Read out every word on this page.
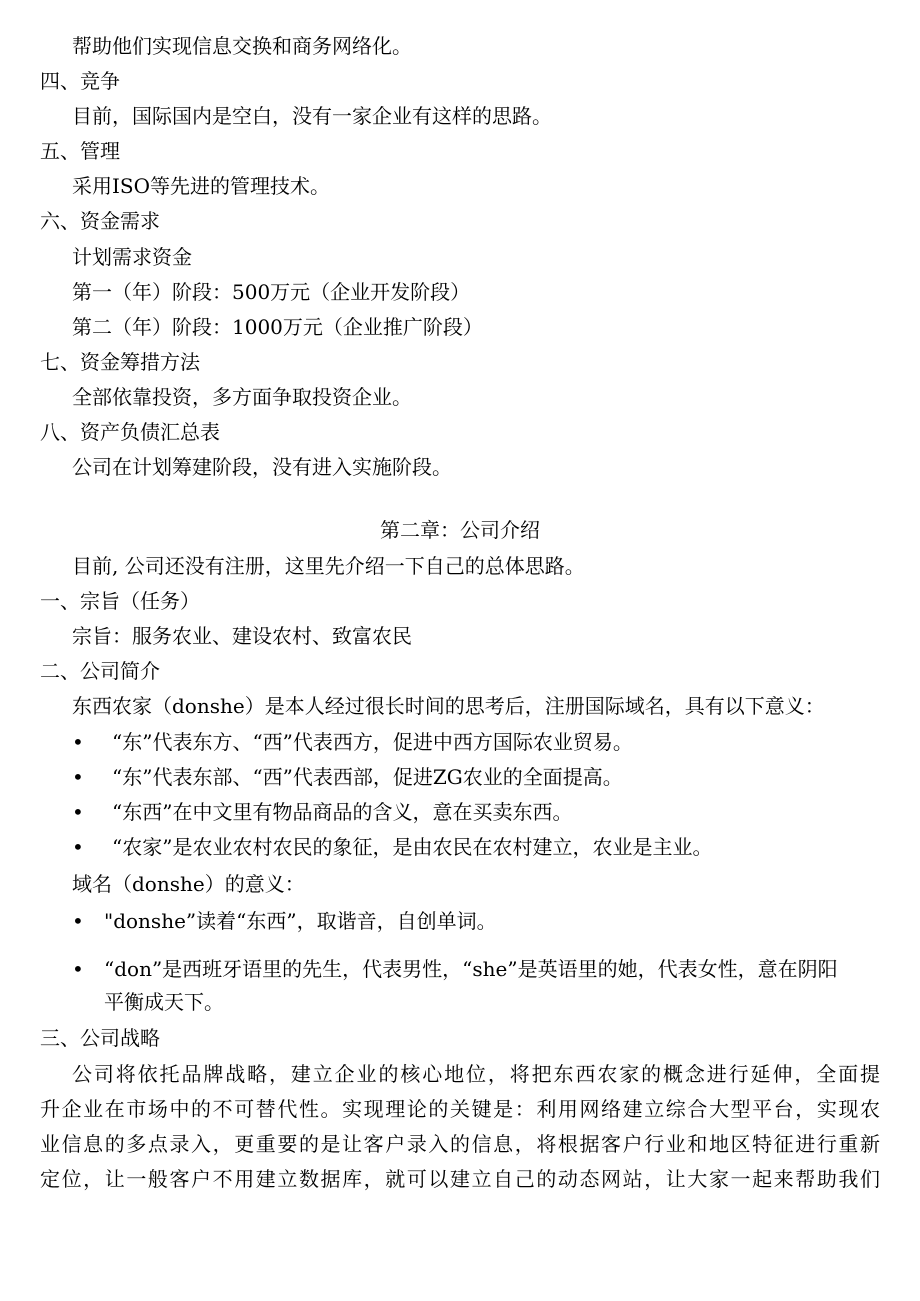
帮助他们实现信息交换和商务网络化。
四、竞争
目前，国际国内是空白，没有一家企业有这样的思路。
五、管理
采用ISO等先进的管理技术。
六、资金需求
计划需求资金
第一（年）阶段：500万元（企业开发阶段）
第二（年）阶段：1000万元（企业推广阶段）
七、资金筹措方法
全部依靠投资，多方面争取投资企业。
八、资产负债汇总表
公司在计划筹建阶段，没有进入实施阶段。
第二章：公司介绍
目前, 公司还没有注册，这里先介绍一下自己的总体思路。
一、宗旨（任务）
宗旨：服务农业、建设农村、致富农民
二、公司简介
东西农家（donshe）是本人经过很长时间的思考后，注册国际域名，具有以下意义：
• “东”代表东方、“西”代表西方，促进中西方国际农业贸易。
• “东”代表东部、“西”代表西部，促进ZG农业的全面提高。
• “东西”在中文里有物品商品的含义，意在买卖东西。
• “农家”是农业农村农民的象征，是由农民在农村建立，农业是主业。
域名（donshe）的意义：
• "donshe”读着“东西”，取谐音，自创单词。
• “don”是西班牙语里的先生，代表男性，“she”是英语里的她，代表女性，意在阴阳
平衡成天下。
三、公司战略
公司将依托品牌战略，建立企业的核心地位，将把东西农家的概念进行延伸，全面提
升企业在市场中的不可替代性。实现理论的关键是：利用网络建立综合大型平台，实现农
业信息的多点录入，更重要的是让客户录入的信息，将根据客户行业和地区特征进行重新
定位，让一般客户不用建立数据库，就可以建立自己的动态网站，让大家一起来帮助我们
